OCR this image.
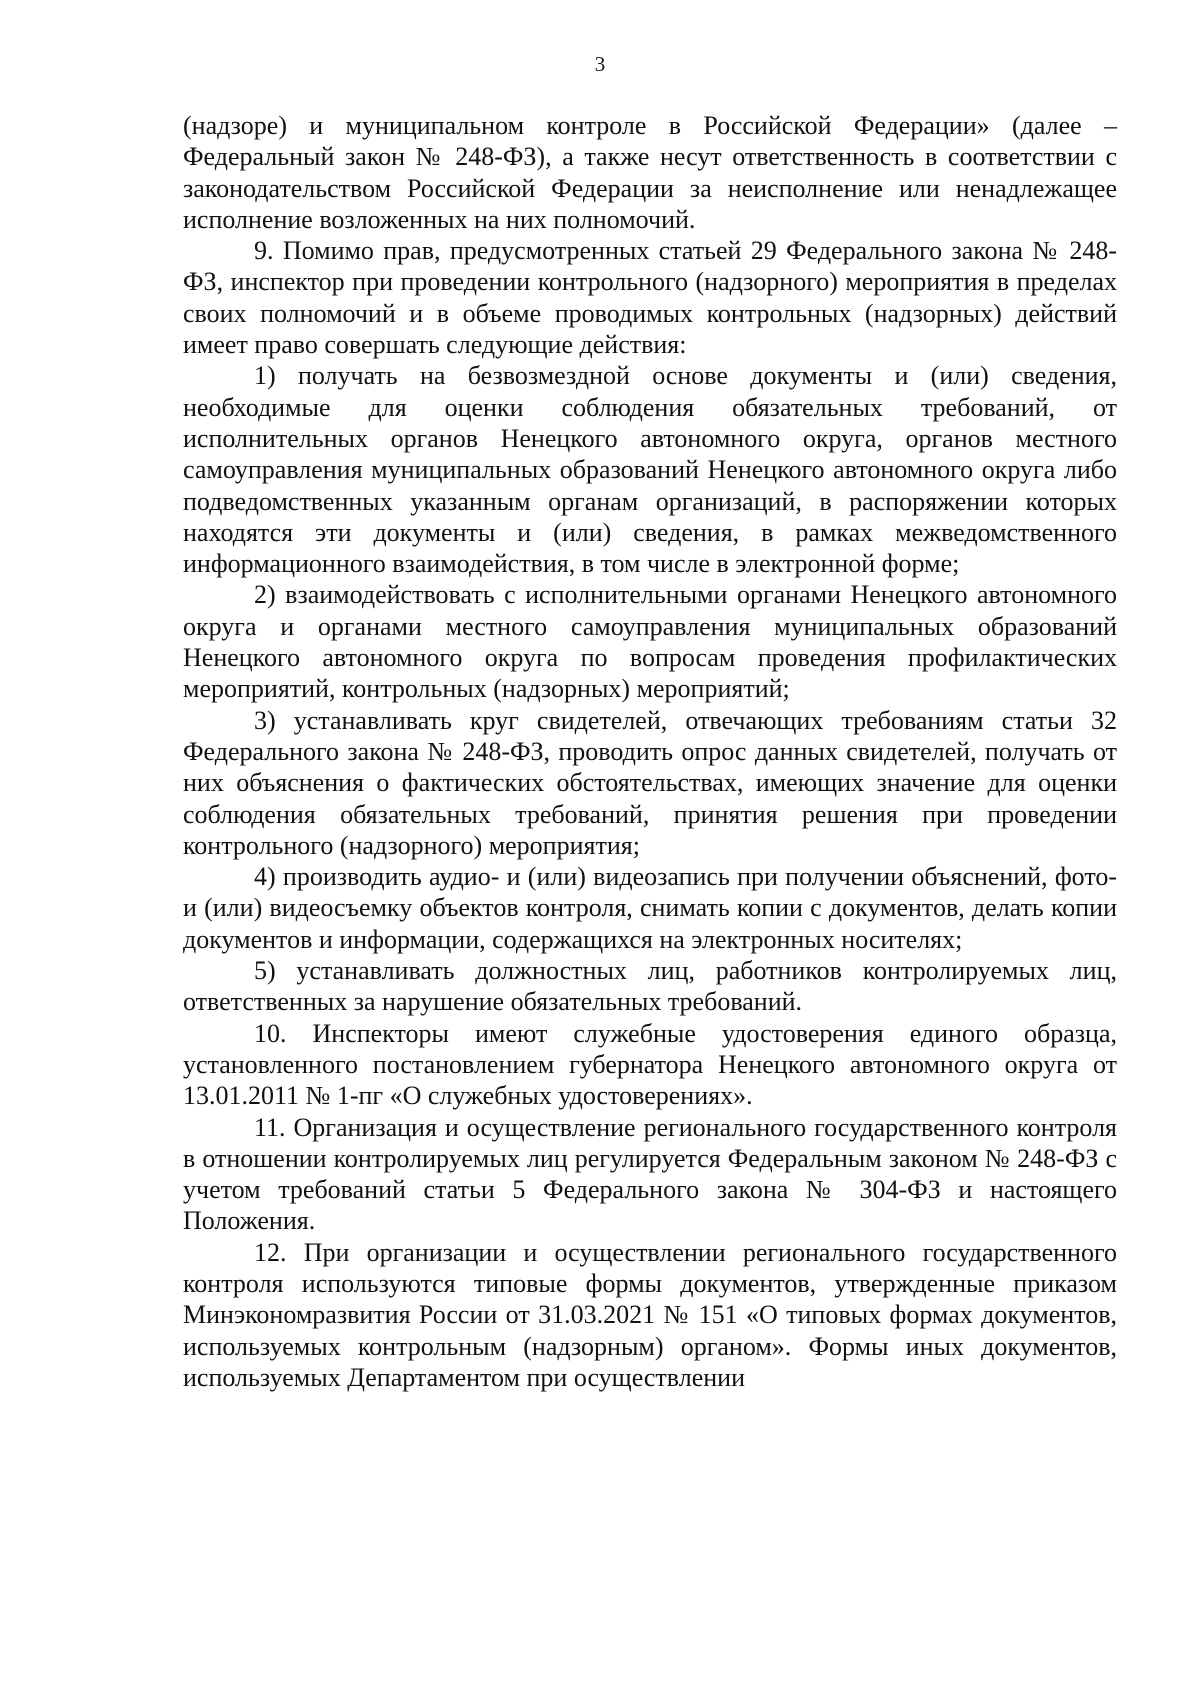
3

(надзоре) и муниципальном контроле в Российской Федерации» (далее – Федеральный закон № 248-ФЗ), а также несут ответственность в соответствии с законодательством Российской Федерации за неисполнение или ненадлежащее исполнение возложенных на них полномочий.

9. Помимо прав, предусмотренных статьей 29 Федерального закона № 248-ФЗ, инспектор при проведении контрольного (надзорного) мероприятия в пределах своих полномочий и в объеме проводимых контрольных (надзорных) действий имеет право совершать следующие действия:

1) получать на безвозмездной основе документы и (или) сведения, необходимые для оценки соблюдения обязательных требований, от исполнительных органов Ненецкого автономного округа, органов местного самоуправления муниципальных образований Ненецкого автономного округа либо подведомственных указанным органам организаций, в распоряжении которых находятся эти документы и (или) сведения, в рамках межведомственного информационного взаимодействия, в том числе в электронной форме;

2) взаимодействовать с исполнительными органами Ненецкого автономного округа и органами местного самоуправления муниципальных образований Ненецкого автономного округа по вопросам проведения профилактических мероприятий, контрольных (надзорных) мероприятий;

3) устанавливать круг свидетелей, отвечающих требованиям статьи 32 Федерального закона № 248-ФЗ, проводить опрос данных свидетелей, получать от них объяснения о фактических обстоятельствах, имеющих значение для оценки соблюдения обязательных требований, принятия решения при проведении контрольного (надзорного) мероприятия;

4) производить аудио- и (или) видеозапись при получении объяснений, фото- и (или) видеосъемку объектов контроля, снимать копии с документов, делать копии документов и информации, содержащихся на электронных носителях;

5) устанавливать должностных лиц, работников контролируемых лиц, ответственных за нарушение обязательных требований.

10. Инспекторы имеют служебные удостоверения единого образца, установленного постановлением губернатора Ненецкого автономного округа от 13.01.2011 № 1-пг «О служебных удостоверениях».

11. Организация и осуществление регионального государственного контроля в отношении контролируемых лиц регулируется Федеральным законом № 248-ФЗ с учетом требований статьи 5 Федерального закона № 304-ФЗ и настоящего Положения.

12. При организации и осуществлении регионального государственного контроля используются типовые формы документов, утвержденные приказом Минэкономразвития России от 31.03.2021 № 151 «О типовых формах документов, используемых контрольным (надзорным) органом». Формы иных документов, используемых Департаментом при осуществлении
